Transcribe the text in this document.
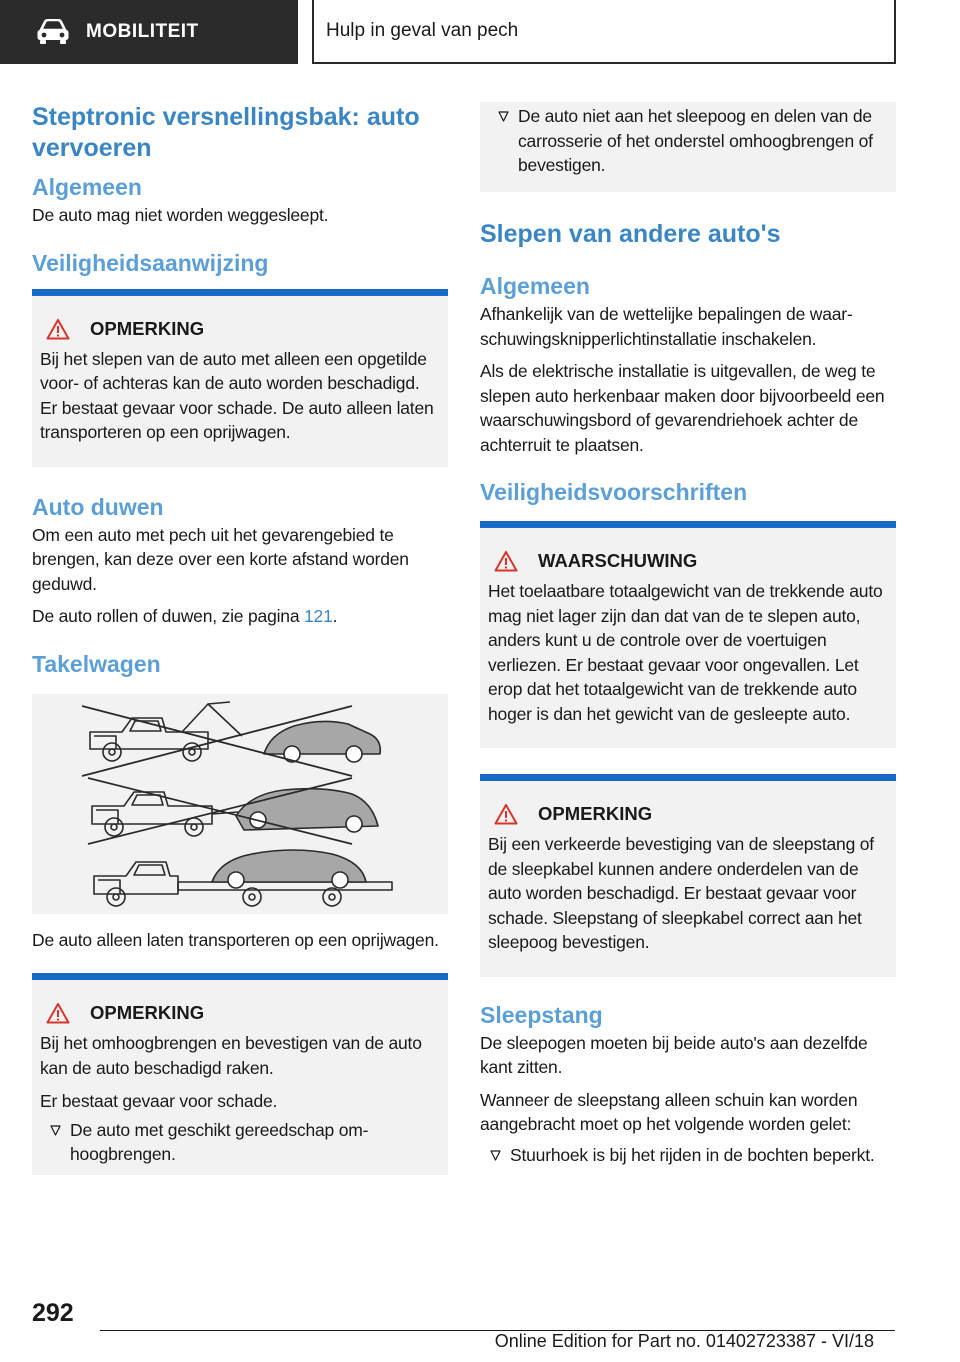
MOBILITEIT	Hulp in geval van pech
Steptronic versnellingsbak: auto vervoeren
Algemeen
De auto mag niet worden weggesleept.
Veiligheidsaanwijzing
OPMERKING
Bij het slepen van de auto met alleen een opgetilde voor- of achteras kan de auto worden beschadigd. Er bestaat gevaar voor schade. De auto alleen laten transporteren op een oprijwagen.
Auto duwen
Om een auto met pech uit het gevarengebied te brengen, kan deze over een korte afstand worden geduwd.
De auto rollen of duwen, zie pagina 121.
Takelwagen
De auto alleen laten transporteren op een oprijwagen.
OPMERKING
Bij het omhoogbrengen en bevestigen van de auto kan de auto beschadigd raken.
Er bestaat gevaar voor schade.
De auto met geschikt gereedschap omhoogbrengen.
De auto niet aan het sleepoog en delen van de carrosserie of het onderstel omhoogbrengen of bevestigen.
Slepen van andere auto's
Algemeen
Afhankelijk van de wettelijke bepalingen de waarschuwingsknipperlichtinstallatie inschakelen.
Als de elektrische installatie is uitgevallen, de weg te slepen auto herkenbaar maken door bijvoorbeeld een waarschuwingsbord of gevarendriehoek achter de achterruit te plaatsen.
Veiligheidsvoorschriften
WAARSCHUWING
Het toelaatbare totaalgewicht van de trekkende auto mag niet lager zijn dan dat van de te slepen auto, anders kunt u de controle over de voertuigen verliezen. Er bestaat gevaar voor ongevallen. Let erop dat het totaalgewicht van de trekkende auto hoger is dan het gewicht van de gesleepte auto.
OPMERKING
Bij een verkeerde bevestiging van de sleepstang of de sleepkabel kunnen andere onderdelen van de auto worden beschadigd. Er bestaat gevaar voor schade. Sleepstang of sleepkabel correct aan het sleepoog bevestigen.
Sleepstang
De sleepogen moeten bij beide auto's aan dezelfde kant zitten.
Wanneer de sleepstang alleen schuin kan worden aangebracht moet op het volgende worden gelet:
Stuurhoek is bij het rijden in de bochten beperkt.
292
Online Edition for Part no. 01402723387 - VI/18
